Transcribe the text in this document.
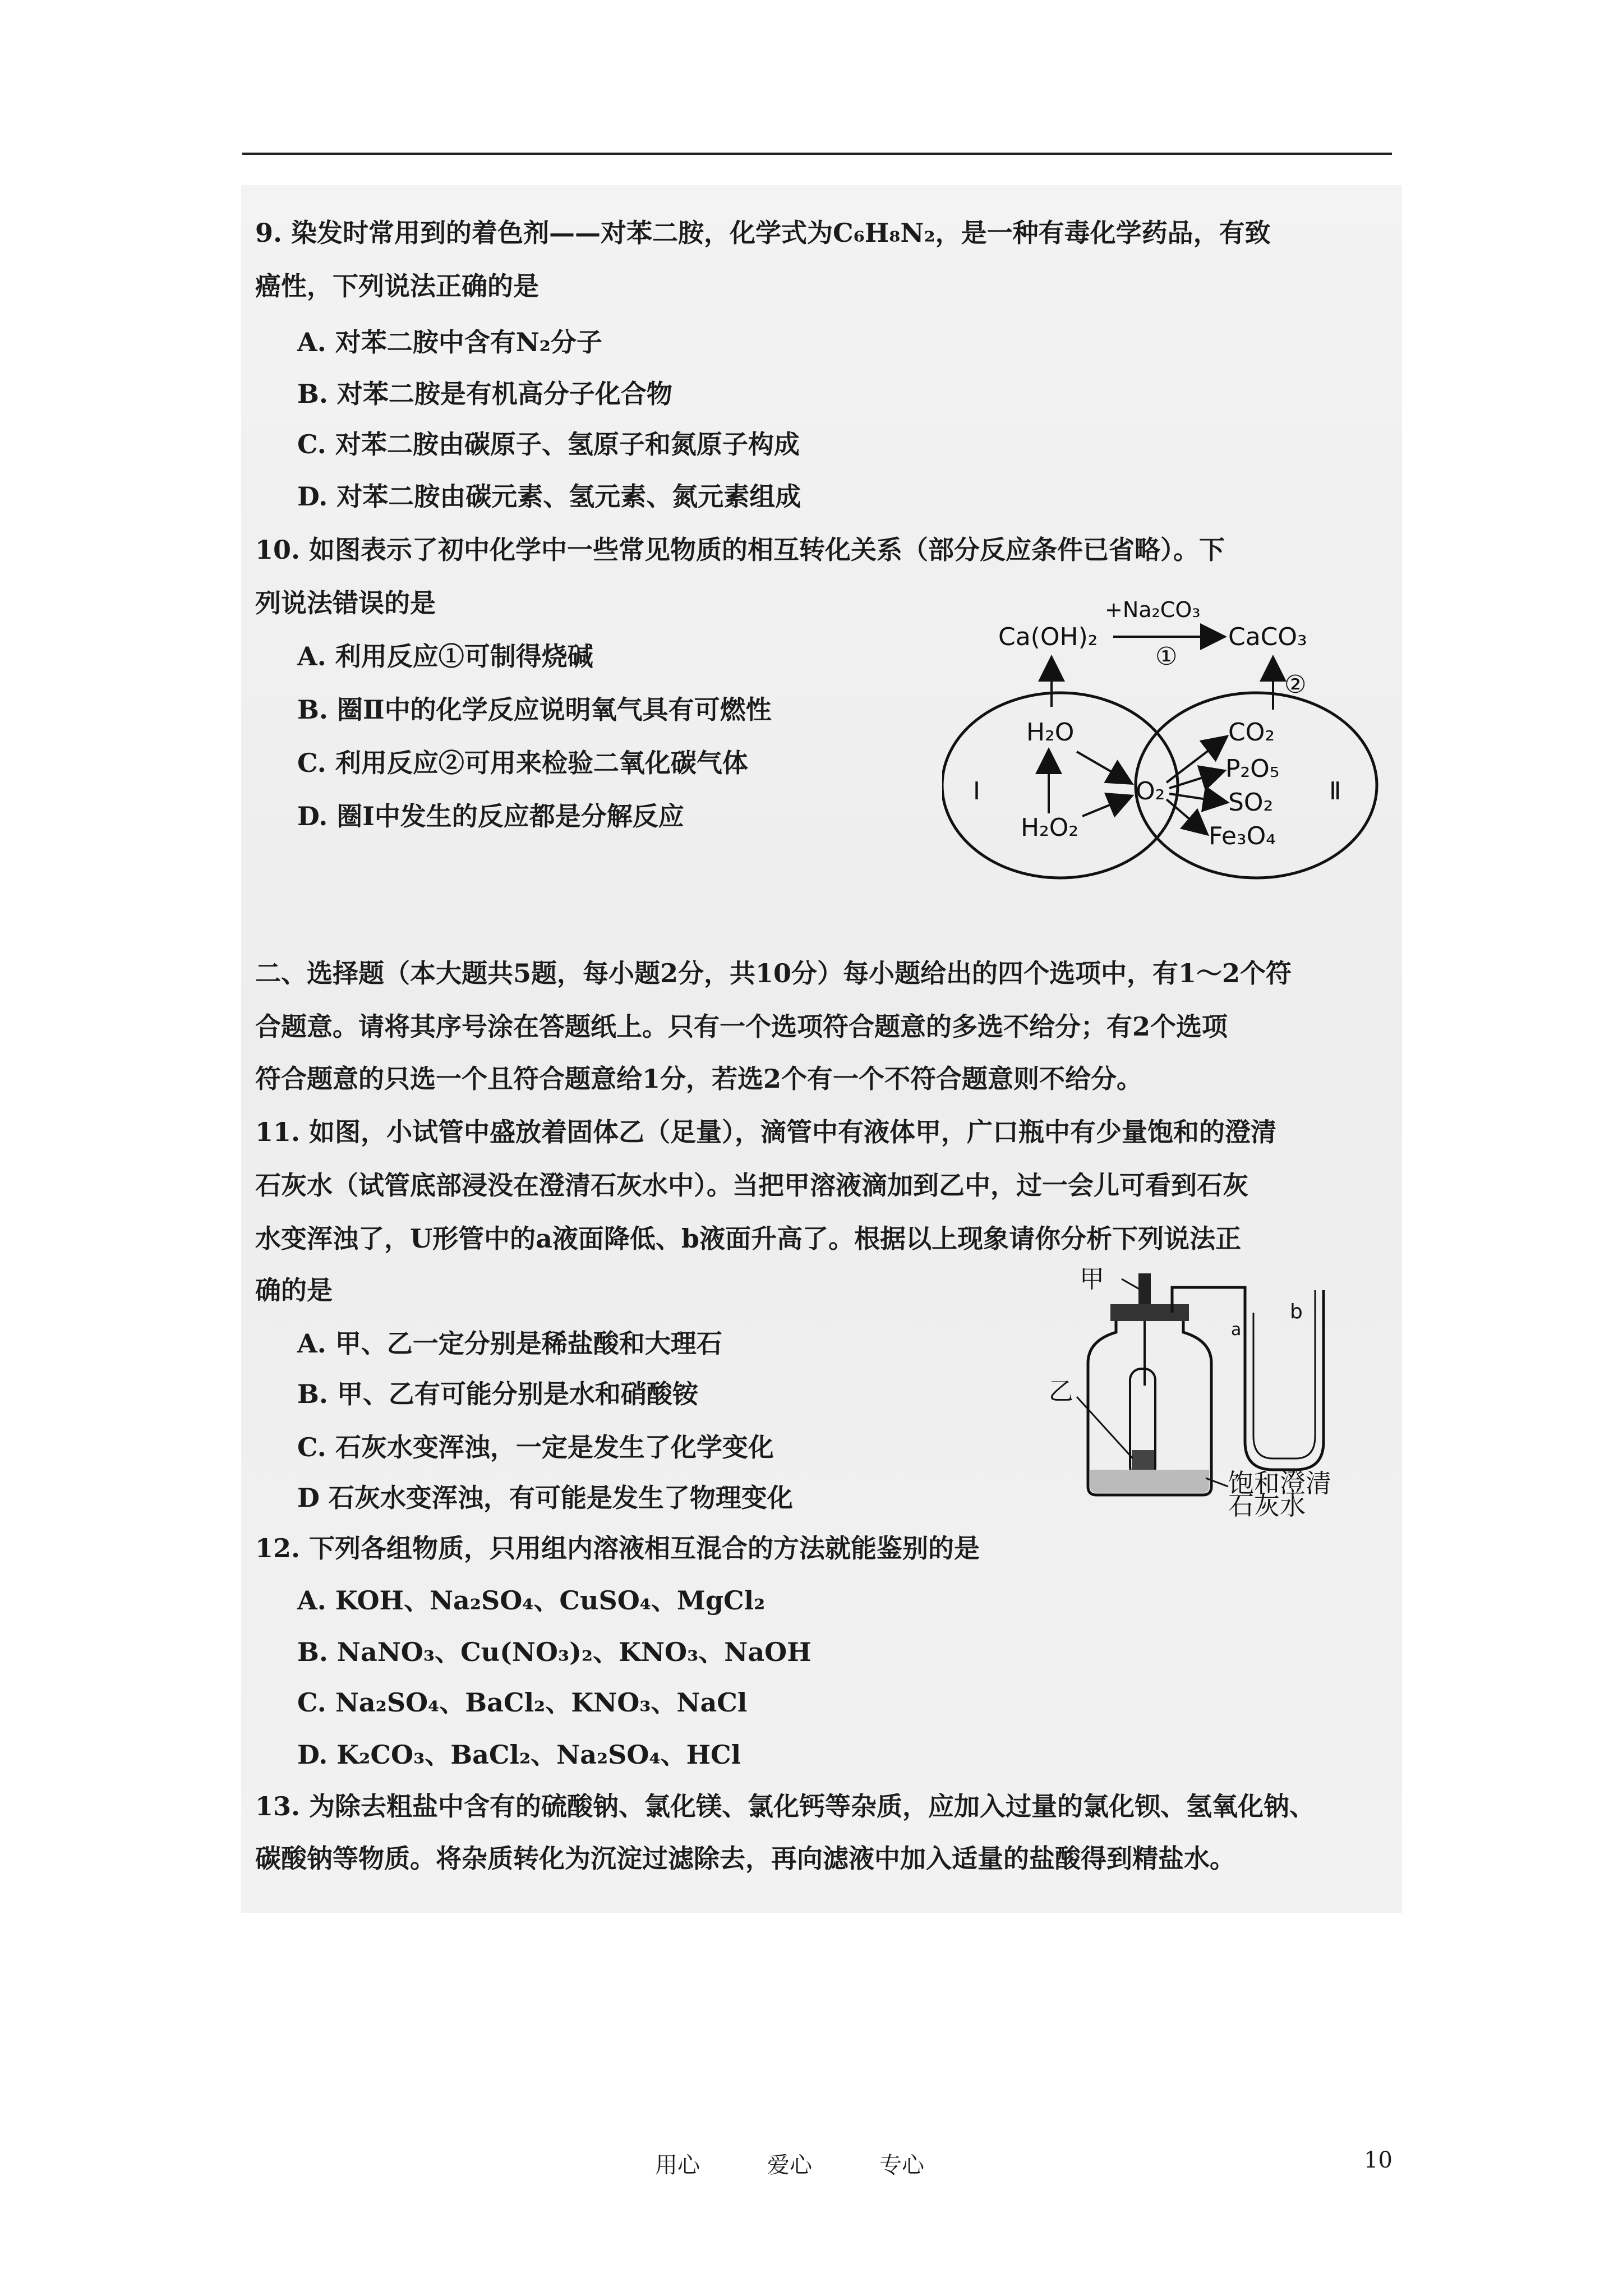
9. 染发时常用到的着色剂——对苯二胺，化学式为C₆H₈N₂，是一种有毒化学药品，有致
癌性，下列说法正确的是
A. 对苯二胺中含有N₂分子
B. 对苯二胺是有机高分子化合物
C. 对苯二胺由碳原子、氢原子和氮原子构成
D. 对苯二胺由碳元素、氢元素、氮元素组成
10. 如图表示了初中化学中一些常见物质的相互转化关系（部分反应条件已省略）。下
列说法错误的是
A. 利用反应①可制得烧碱
B. 圈Ⅱ中的化学反应说明氧气具有可燃性
C. 利用反应②可用来检验二氧化碳气体
D. 圈Ⅰ中发生的反应都是分解反应
Ca(OH)₂
+Na₂CO₃
①
CaCO₃
②
H₂O
H₂O₂
O₂
CO₂
P₂O₅
SO₂
Fe₃O₄
Ⅰ	Ⅱ
二、选择题（本大题共5题，每小题2分，共10分）每小题给出的四个选项中，有1～2个符
合题意。请将其序号涂在答题纸上。只有一个选项符合题意的多选不给分；有2个选项
符合题意的只选一个且符合题意给1分，若选2个有一个不符合题意则不给分。
11. 如图，小试管中盛放着固体乙（足量），滴管中有液体甲，广口瓶中有少量饱和的澄清
石灰水（试管底部浸没在澄清石灰水中）。当把甲溶液滴加到乙中，过一会儿可看到石灰
水变浑浊了，U形管中的a液面降低、b液面升高了。根据以上现象请你分析下列说法正
确的是
A. 甲、乙一定分别是稀盐酸和大理石
B. 甲、乙有可能分别是水和硝酸铵
C. 石灰水变浑浊，一定是发生了化学变化
D 石灰水变浑浊，有可能是发生了物理变化
甲
乙
a
b
饱和澄清
石灰水
12. 下列各组物质，只用组内溶液相互混合的方法就能鉴别的是
A. KOH、Na₂SO₄、CuSO₄、MgCl₂
B. NaNO₃、Cu(NO₃)₂、KNO₃、NaOH
C. Na₂SO₄、BaCl₂、KNO₃、NaCl
D. K₂CO₃、BaCl₂、Na₂SO₄、HCl
13. 为除去粗盐中含有的硫酸钠、氯化镁、氯化钙等杂质，应加入过量的氯化钡、氢氧化钠、
碳酸钠等物质。将杂质转化为沉淀过滤除去，再向滤液中加入适量的盐酸得到精盐水。
用心	爱心	专心	10
